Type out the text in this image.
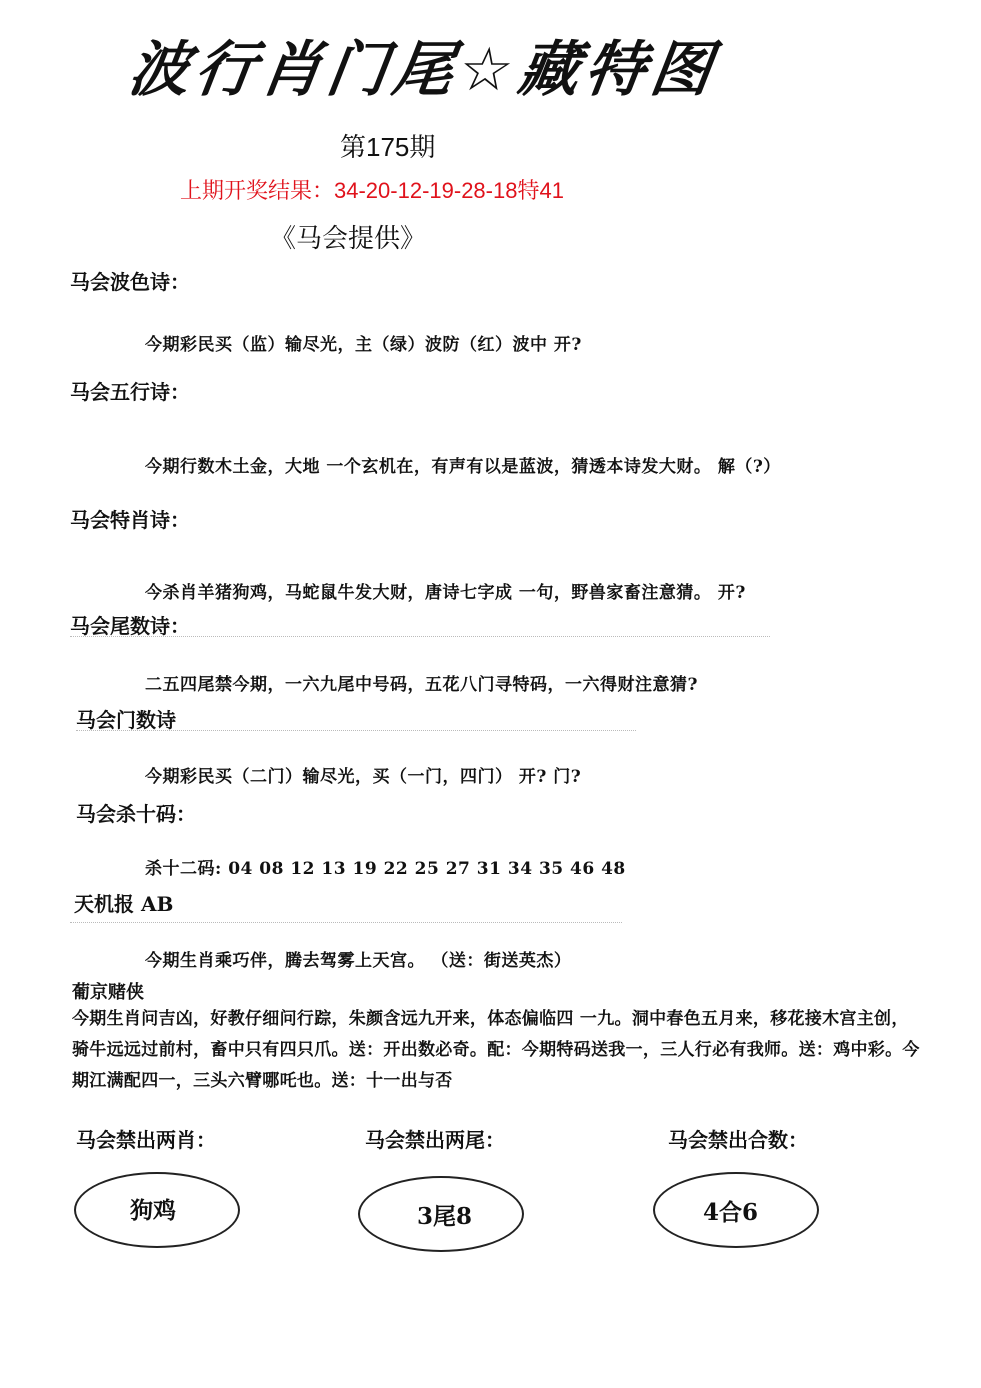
波行肖门尾☆藏特图
第175期
上期开奖结果：34-20-12-19-28-18特41
《马会提供》
马会波色诗：
今期彩民买（监）输尽光，主（绿）波防（红）波中 开?
马会五行诗：
今期行数木土金，大地 一个玄机在，有声有以是蓝波，猜透本诗发大财。 解（?）
马会特肖诗：
今杀肖羊猪狗鸡，马蛇鼠牛发大财，唐诗七字成 一句，野兽家畜注意猜。 开?
马会尾数诗：
二五四尾禁今期，一六九尾中号码，五花八门寻特码，一六得财注意猜?
马会门数诗
今期彩民买（二门）输尽光，买（一门，四门） 开? 门?
马会杀十码：
杀十二码: 04 08 12 13 19 22 25 27 31 34 35 46 48
天机报 AB
今期生肖乘巧伴，腾去驾雾上天宫。 （送：街送英杰）
葡京赌侠
今期生肖问吉凶，好教仔细问行踪，朱颜含远九开来，体态偏临四 一九。洞中春色五月来，移花接木宫主创，骑牛远远过前村，畜中只有四只爪。送：开出数必奇。配：今期特码送我一，三人行必有我师。送：鸡中彩。今期江满配四一，三头六臂哪吒也。送：十一出与否
马会禁出两肖：	马会禁出两尾：	马会禁出合数：
狗鸡	3尾8	4合6
